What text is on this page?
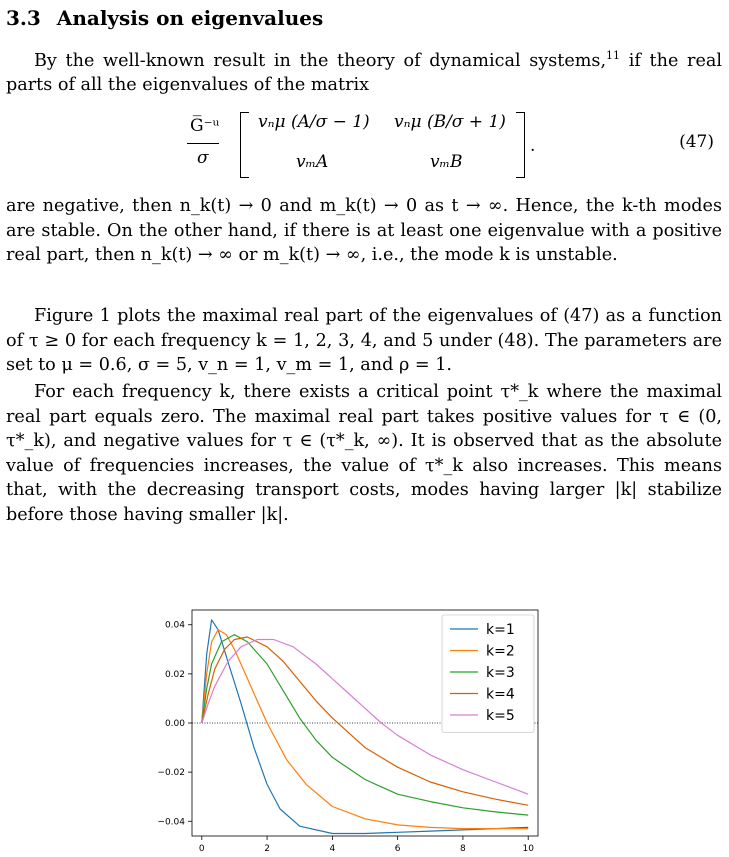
3.3 Analysis on eigenvalues
By the well-known result in the theory of dynamical systems,$^{11}$ if the real parts of all the eigenvalues of the matrix
G̅⁻ᵘ
σ
vₙμ (A/σ − 1) vₙμ (B/σ + 1)
vₘA	vₘB
.	(47)
are negative, then n_k(t) → 0 and m_k(t) → 0 as t → ∞. Hence, the k-th modes are stable. On the other hand, if there is at least one eigenvalue with a positive real part, then n_k(t) → ∞ or m_k(t) → ∞, i.e., the mode k is unstable.
Figure 1 plots the maximal real part of the eigenvalues of (47) as a function of τ ≥ 0 for each frequency k = 1, 2, 3, 4, and 5 under (48). The parameters are set to μ = 0.6, σ = 5, v_n = 1, v_m = 1, and ρ = 1.
For each frequency k, there exists a critical point τ*_k where the maximal real part equals zero. The maximal real part takes positive values for τ ∈ (0, τ*_k), and negative values for τ ∈ (τ*_k, ∞). It is observed that as the absolute value of frequencies increases, the value of τ*_k also increases. This means that, with the decreasing transport costs, modes having larger |k| stabilize before those having smaller |k|.
0	2	4	6	8	10
0.04
0.02
0.00
−0.02
−0.04
k=1
k=2
k=3
k=4
k=5
